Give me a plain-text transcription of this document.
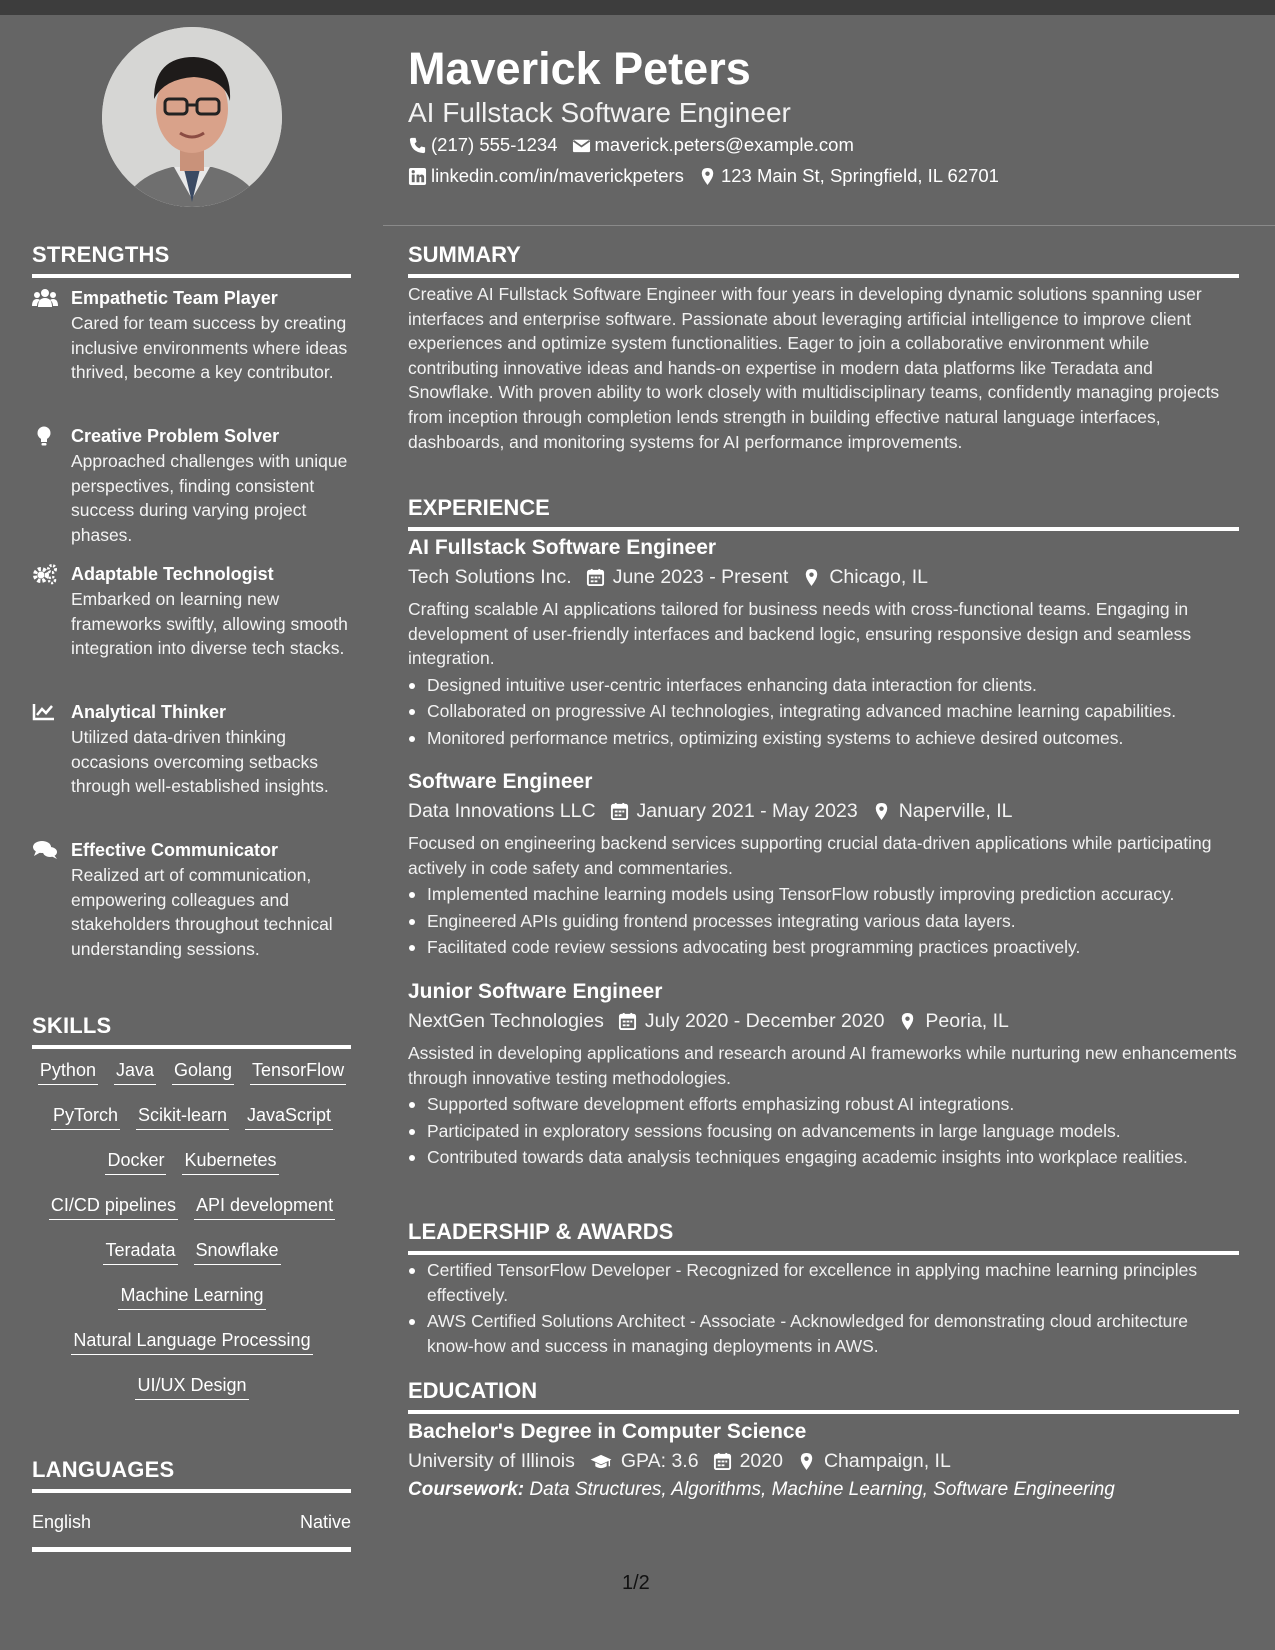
STRENGTHS
Empathetic Team Player
Cared for team success by creating inclusive environments where ideas thrived, become a key contributor.
Creative Problem Solver
Approached challenges with unique perspectives, finding consistent success during varying project phases.
Adaptable Technologist
Embarked on learning new frameworks swiftly, allowing smooth integration into diverse tech stacks.
Analytical Thinker
Utilized data-driven thinking occasions overcoming setbacks through well-established insights.
Effective Communicator
Realized art of communication, empowering colleagues and stakeholders throughout technical understanding sessions.
SKILLS
Python Java Golang TensorFlow
PyTorch Scikit-learn JavaScript
Docker Kubernetes
CI/CD pipelines API development
Teradata Snowflake
Machine Learning
Natural Language Processing
UI/UX Design
LANGUAGES
English	Native
Maverick Peters
AI Fullstack Software Engineer
(217) 555-1234 maverick.peters@example.com
linkedin.com/in/maverickpeters 123 Main St, Springfield, IL 62701
SUMMARY
Creative AI Fullstack Software Engineer with four years in developing dynamic solutions spanning user interfaces and enterprise software. Passionate about leveraging artificial intelligence to improve client experiences and optimize system functionalities. Eager to join a collaborative environment while contributing innovative ideas and hands-on expertise in modern data platforms like Teradata and Snowflake. With proven ability to work closely with multidisciplinary teams, confidently managing projects from inception through completion lends strength in building effective natural language interfaces, dashboards, and monitoring systems for AI performance improvements.
EXPERIENCE
AI Fullstack Software Engineer
Tech Solutions Inc. June 2023 - Present Chicago, IL
Crafting scalable AI applications tailored for business needs with cross-functional teams. Engaging in development of user-friendly interfaces and backend logic, ensuring responsive design and seamless integration.
Designed intuitive user-centric interfaces enhancing data interaction for clients.
Collaborated on progressive AI technologies, integrating advanced machine learning capabilities.
Monitored performance metrics, optimizing existing systems to achieve desired outcomes.
Software Engineer
Data Innovations LLC January 2021 - May 2023 Naperville, IL
Focused on engineering backend services supporting crucial data-driven applications while participating actively in code safety and commentaries.
Implemented machine learning models using TensorFlow robustly improving prediction accuracy.
Engineered APIs guiding frontend processes integrating various data layers.
Facilitated code review sessions advocating best programming practices proactively.
Junior Software Engineer
NextGen Technologies July 2020 - December 2020 Peoria, IL
Assisted in developing applications and research around AI frameworks while nurturing new enhancements through innovative testing methodologies.
Supported software development efforts emphasizing robust AI integrations.
Participated in exploratory sessions focusing on advancements in large language models.
Contributed towards data analysis techniques engaging academic insights into workplace realities.
LEADERSHIP & AWARDS
Certified TensorFlow Developer - Recognized for excellence in applying machine learning principles effectively.
AWS Certified Solutions Architect - Associate - Acknowledged for demonstrating cloud architecture know-how and success in managing deployments in AWS.
EDUCATION
Bachelor's Degree in Computer Science
University of Illinois GPA: 3.6 2020 Champaign, IL
Coursework: Data Structures, Algorithms, Machine Learning, Software Engineering
1/2
